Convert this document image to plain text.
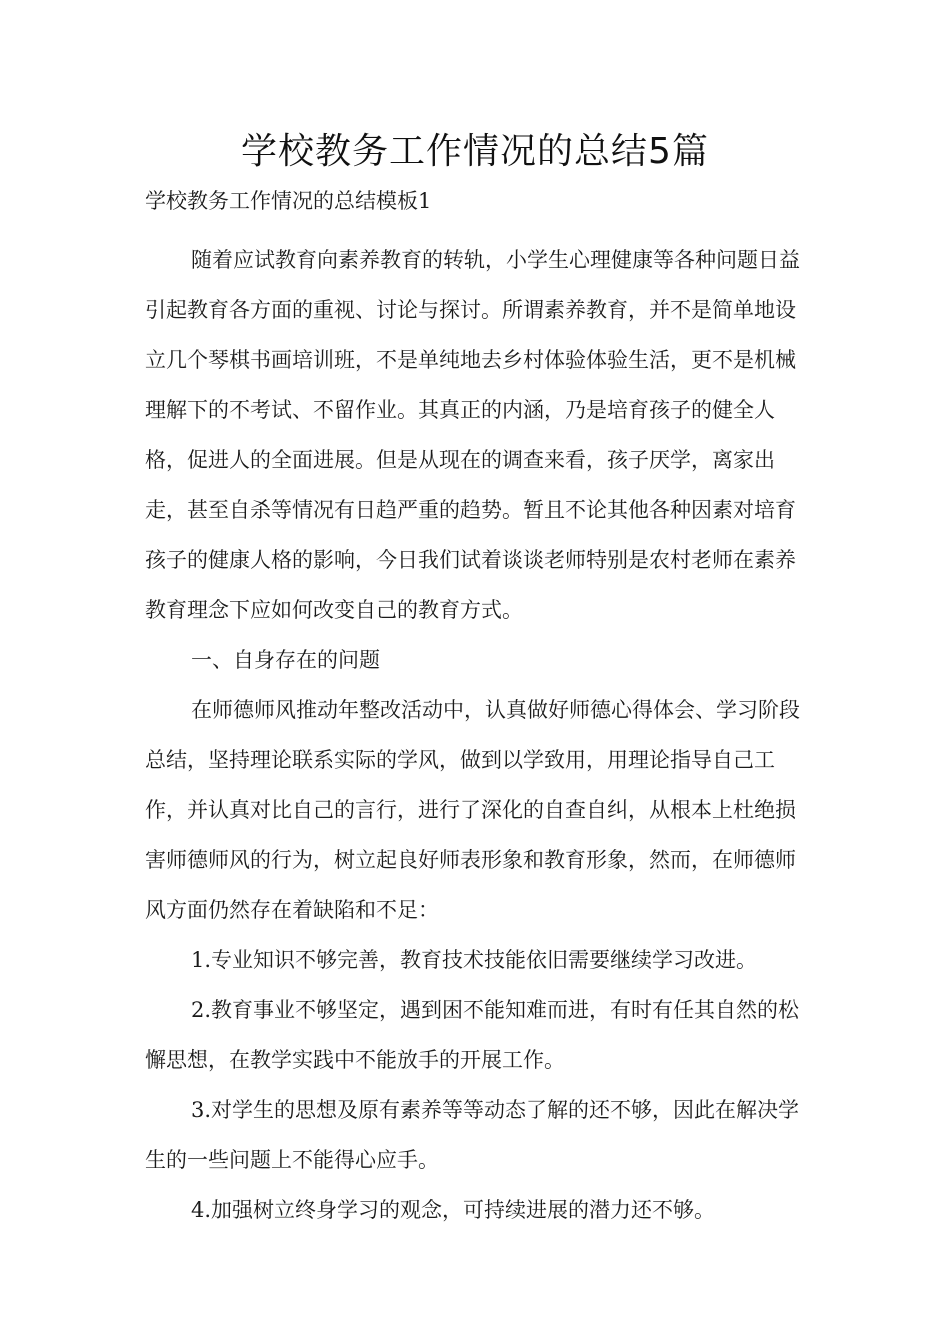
学校教务工作情况的总结5篇
学校教务工作情况的总结模板1

随着应试教育向素养教育的转轨，小学生心理健康等各种问题日益引起教育各方面的重视、讨论与探讨。所谓素养教育，并不是简单地设立几个琴棋书画培训班，不是单纯地去乡村体验体验生活，更不是机械理解下的不考试、不留作业。其真正的内涵，乃是培育孩子的健全人格，促进人的全面进展。但是从现在的调查来看，孩子厌学，离家出走，甚至自杀等情况有日趋严重的趋势。暂且不论其他各种因素对培育孩子的健康人格的影响，今日我们试着谈谈老师特别是农村老师在素养教育理念下应如何改变自己的教育方式。

一、自身存在的问题

在师德师风推动年整改活动中，认真做好师德心得体会、学习阶段总结，坚持理论联系实际的学风，做到以学致用，用理论指导自己工作，并认真对比自己的言行，进行了深化的自查自纠，从根本上杜绝损害师德师风的行为，树立起良好师表形象和教育形象，然而，在师德师风方面仍然存在着缺陷和不足：

1.专业知识不够完善，教育技术技能依旧需要继续学习改进。

2.教育事业不够坚定，遇到困不能知难而进，有时有任其自然的松懈思想，在教学实践中不能放手的开展工作。

3.对学生的思想及原有素养等等动态了解的还不够，因此在解决学生的一些问题上不能得心应手。

4.加强树立终身学习的观念，可持续进展的潜力还不够。
